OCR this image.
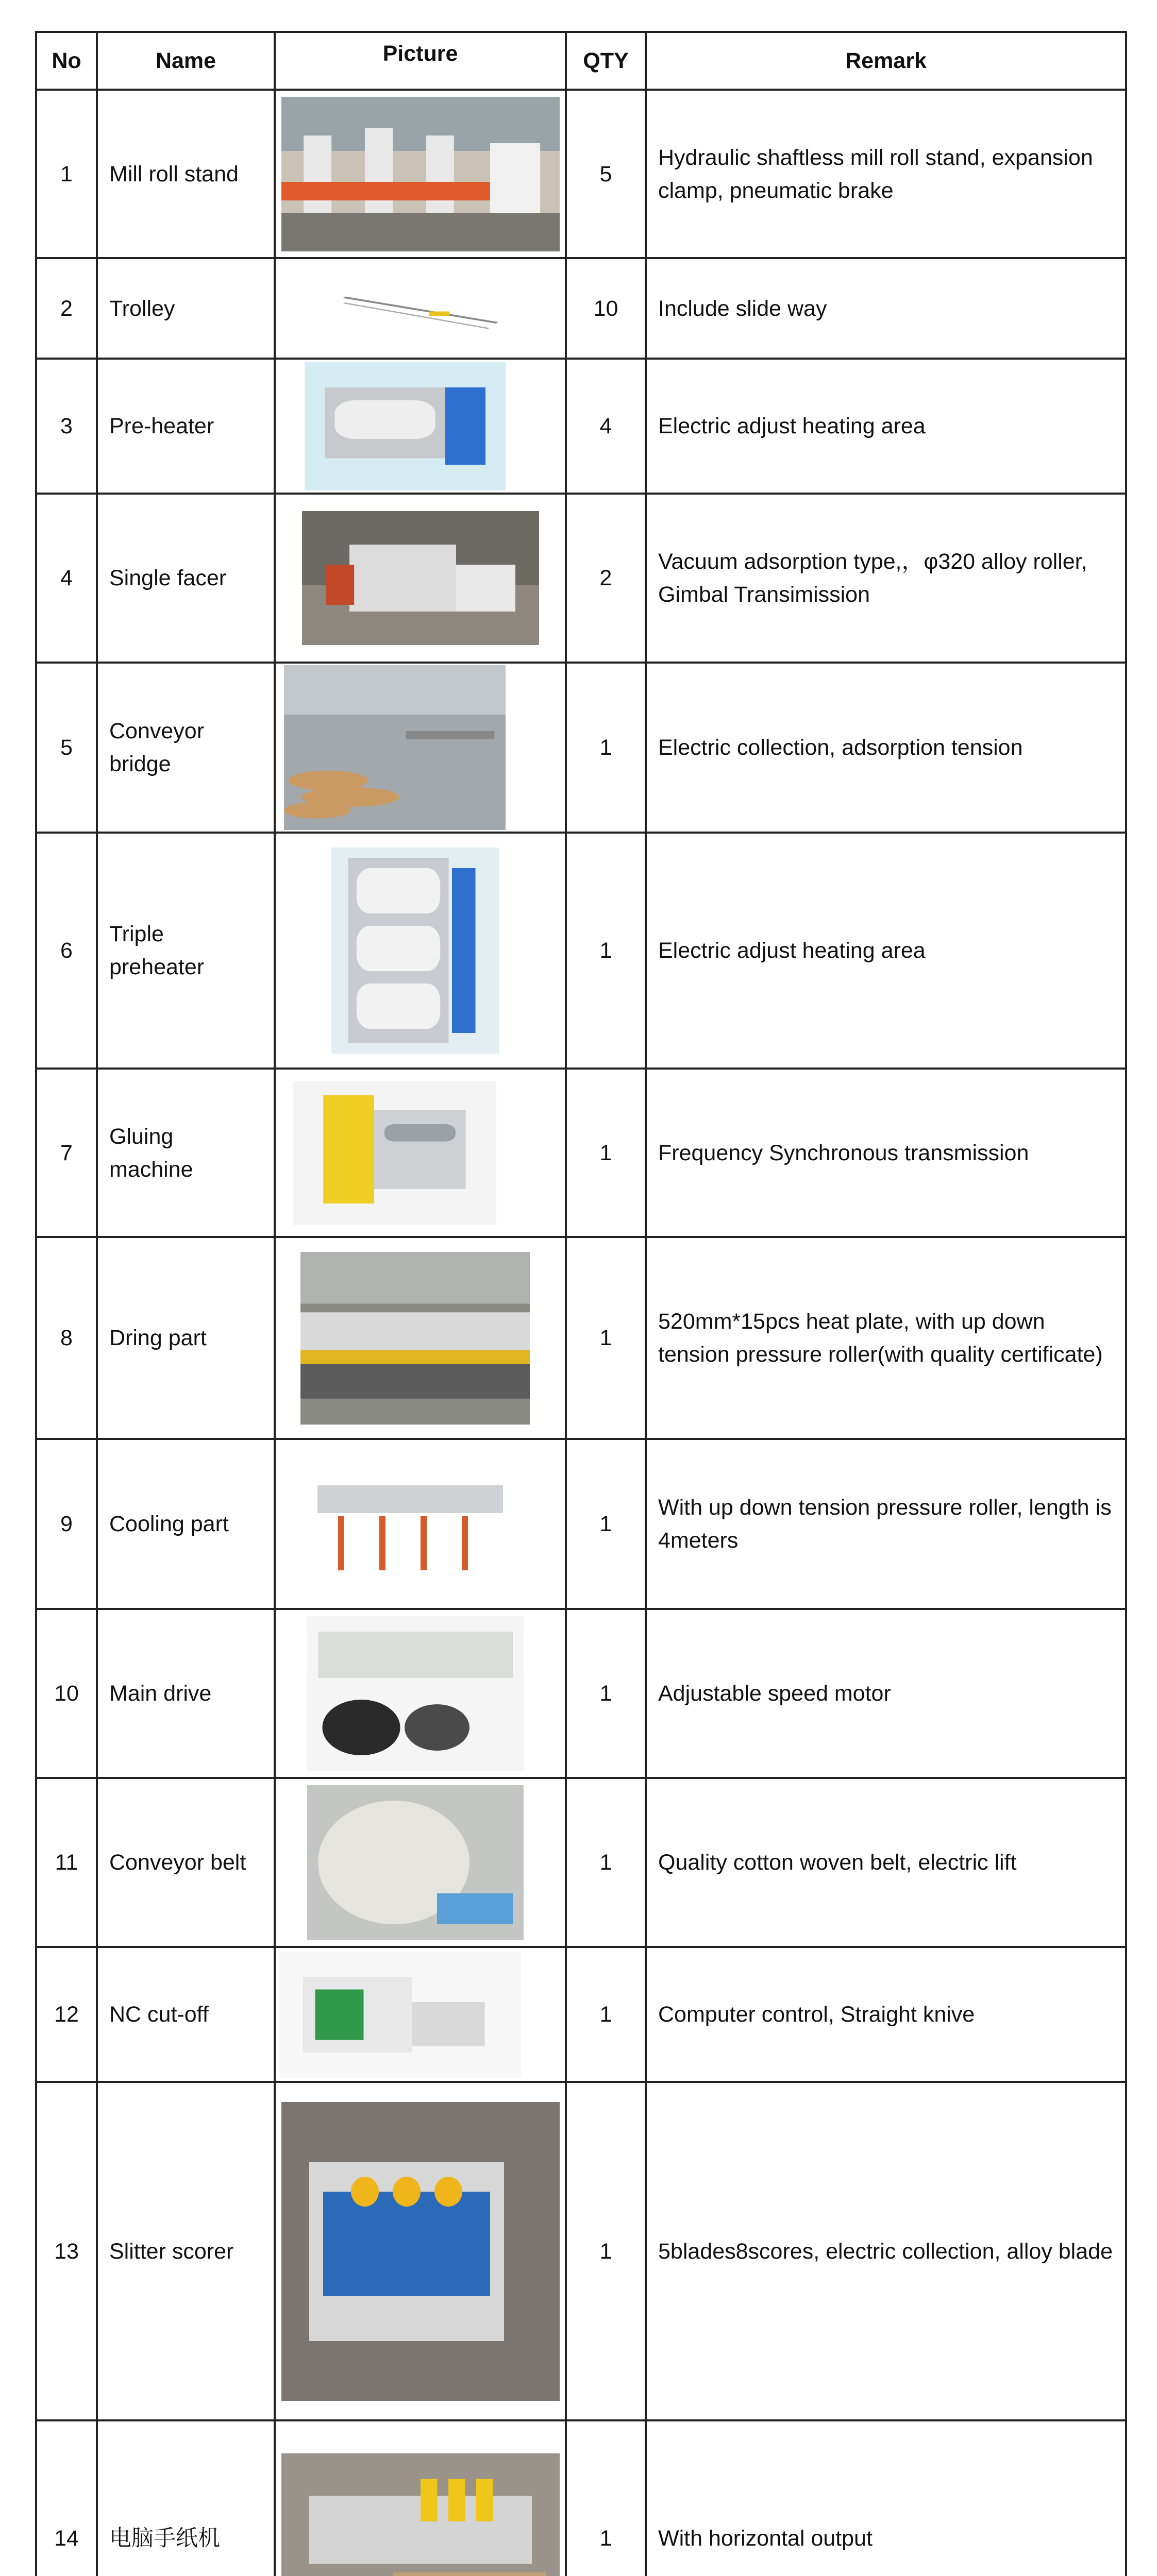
No	Name	Picture	QTY	Remark
1	Mill roll stand		5	Hydraulic shaftless mill roll stand, expansion clamp, pneumatic brake
2	Trolley		10	Include slide way
3	Pre-heater		4	Electric adjust heating area
4	Single facer		2	Vacuum adsorption type,，φ320 alloy roller, Gimbal Transimission
5	Conveyor bridge		1	Electric collection, adsorption tension
6	Triple preheater		1	Electric adjust heating area
7	Gluing machine		1	Frequency Synchronous transmission
8	Dring part		1	520mm*15pcs heat plate, with up down tension pressure roller(with quality certificate)
9	Cooling part		1	With up down tension pressure roller, length is 4meters
10	Main drive		1	Adjustable speed motor
11	Conveyor belt		1	Quality cotton woven belt, electric lift
12	NC cut-off		1	Computer control, Straight knive
13	Slitter scorer		1	5blades8scores, electric collection, alloy blade
14	电脑手纸机		1	With horizontal output
